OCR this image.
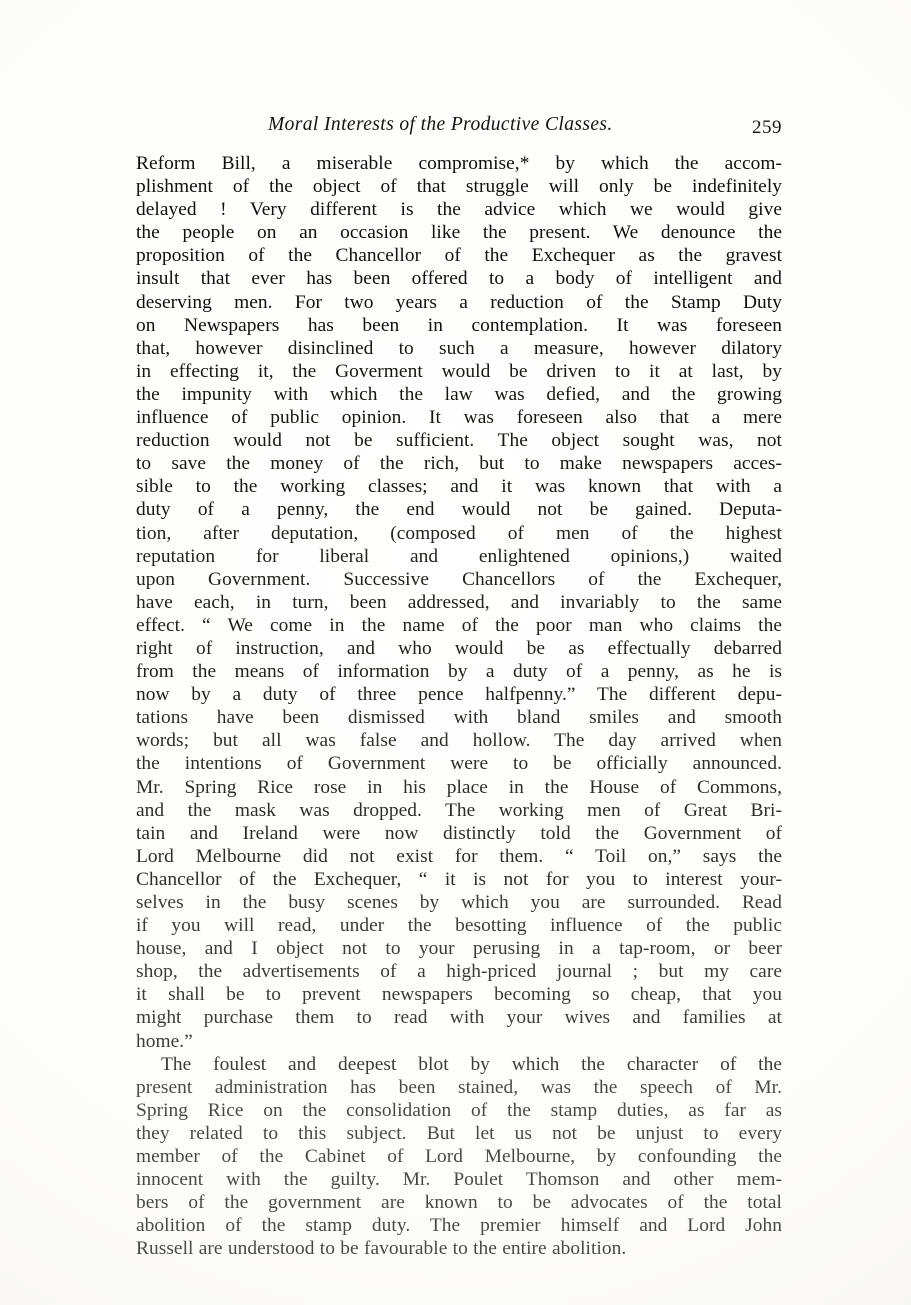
Moral Interests of the Productive Classes.	259
Reform Bill, a miserable compromise,* by which the accom-
plishment of the object of that struggle will only be indefinitely
delayed ! Very different is the advice which we would give
the people on an occasion like the present. We denounce the
proposition of the Chancellor of the Exchequer as the gravest
insult that ever has been offered to a body of intelligent and
deserving men. For two years a reduction of the Stamp Duty
on Newspapers has been in contemplation. It was foreseen
that, however disinclined to such a measure, however dilatory
in effecting it, the Goverment would be driven to it at last, by
the impunity with which the law was defied, and the growing
influence of public opinion. It was foreseen also that a mere
reduction would not be sufficient. The object sought was, not
to save the money of the rich, but to make newspapers acces-
sible to the working classes; and it was known that with a
duty of a penny, the end would not be gained. Deputa-
tion, after deputation, (composed of men of the highest
reputation for liberal and enlightened opinions,) waited
upon Government. Successive Chancellors of the Exchequer,
have each, in turn, been addressed, and invariably to the same
effect. “ We come in the name of the poor man who claims the
right of instruction, and who would be as effectually debarred
from the means of information by a duty of a penny, as he is
now by a duty of three pence halfpenny.” The different depu-
tations have been dismissed with bland smiles and smooth
words; but all was false and hollow. The day arrived when
the intentions of Government were to be officially announced.
Mr. Spring Rice rose in his place in the House of Commons,
and the mask was dropped. The working men of Great Bri-
tain and Ireland were now distinctly told the Government of
Lord Melbourne did not exist for them. “ Toil on,” says the
Chancellor of the Exchequer, “ it is not for you to interest your-
selves in the busy scenes by which you are surrounded. Read
if you will read, under the besotting influence of the public
house, and I object not to your perusing in a tap-room, or beer
shop, the advertisements of a high-priced journal ; but my care
it shall be to prevent newspapers becoming so cheap, that you
might purchase them to read with your wives and families at
home.”
The foulest and deepest blot by which the character of the
present administration has been stained, was the speech of Mr.
Spring Rice on the consolidation of the stamp duties, as far as
they related to this subject. But let us not be unjust to every
member of the Cabinet of Lord Melbourne, by confounding the
innocent with the guilty. Mr. Poulet Thomson and other mem-
bers of the government are known to be advocates of the total
abolition of the stamp duty. The premier himself and Lord John
Russell are understood to be favourable to the entire abolition.
